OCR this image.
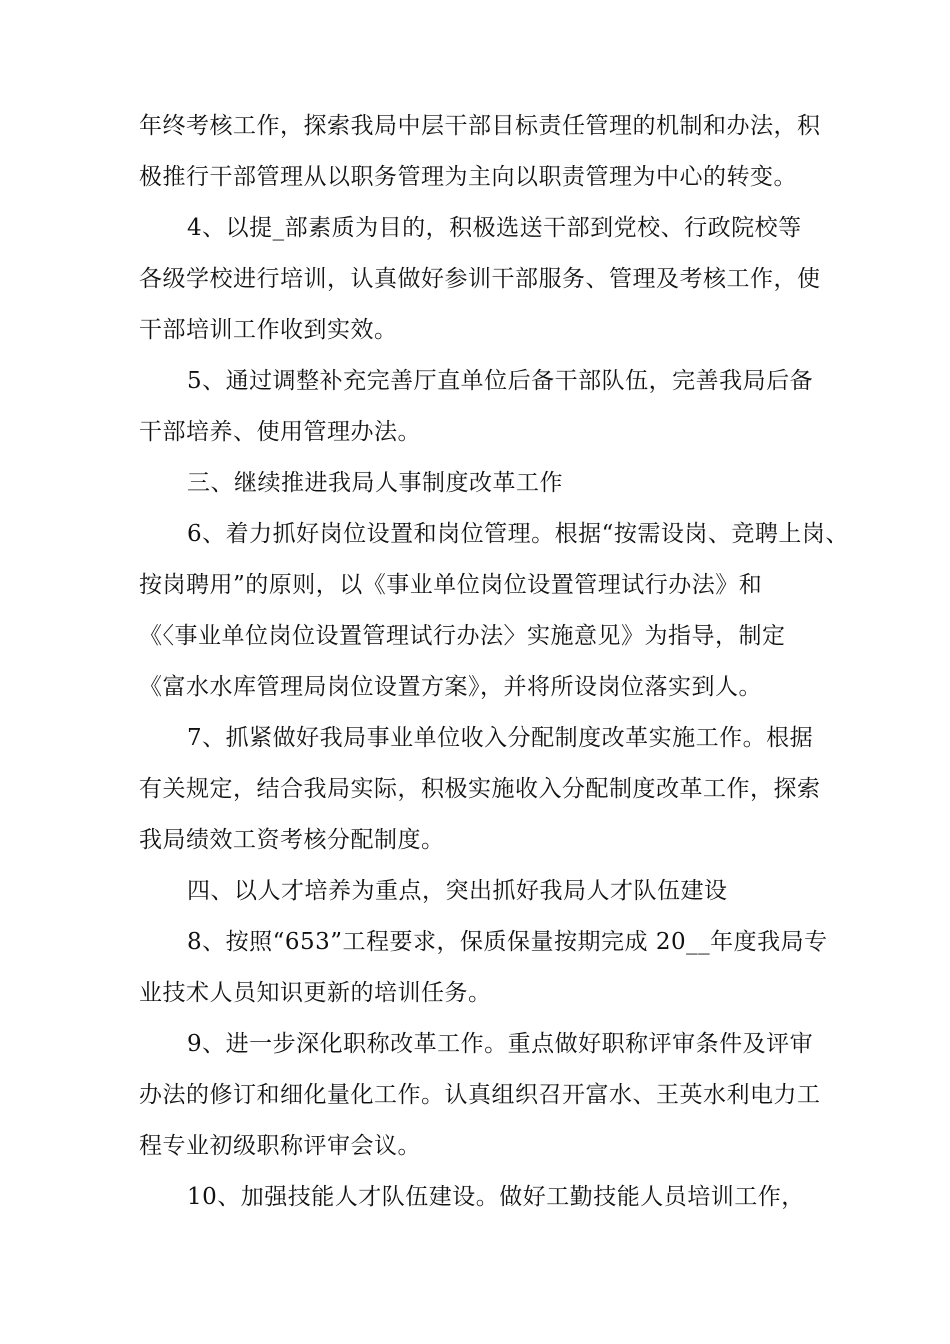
年终考核工作，探索我局中层干部目标责任管理的机制和办法，积
极推行干部管理从以职务管理为主向以职责管理为中心的转变。
4、以提_部素质为目的，积极选送干部到党校、行政院校等
各级学校进行培训，认真做好参训干部服务、管理及考核工作，使
干部培训工作收到实效。
5、通过调整补充完善厅直单位后备干部队伍，完善我局后备
干部培养、使用管理办法。
三、继续推进我局人事制度改革工作
6、着力抓好岗位设置和岗位管理。根据“按需设岗、竞聘上岗、
按岗聘用”的原则，以《事业单位岗位设置管理试行办法》和
《〈事业单位岗位设置管理试行办法〉实施意见》为指导，制定
《富水水库管理局岗位设置方案》，并将所设岗位落实到人。
7、抓紧做好我局事业单位收入分配制度改革实施工作。根据
有关规定，结合我局实际，积极实施收入分配制度改革工作，探索
我局绩效工资考核分配制度。
四、以人才培养为重点，突出抓好我局人才队伍建设
8、按照“653”工程要求，保质保量按期完成 20__年度我局专
业技术人员知识更新的培训任务。
9、进一步深化职称改革工作。重点做好职称评审条件及评审
办法的修订和细化量化工作。认真组织召开富水、王英水利电力工
程专业初级职称评审会议。
10、加强技能人才队伍建设。做好工勤技能人员培训工作，
